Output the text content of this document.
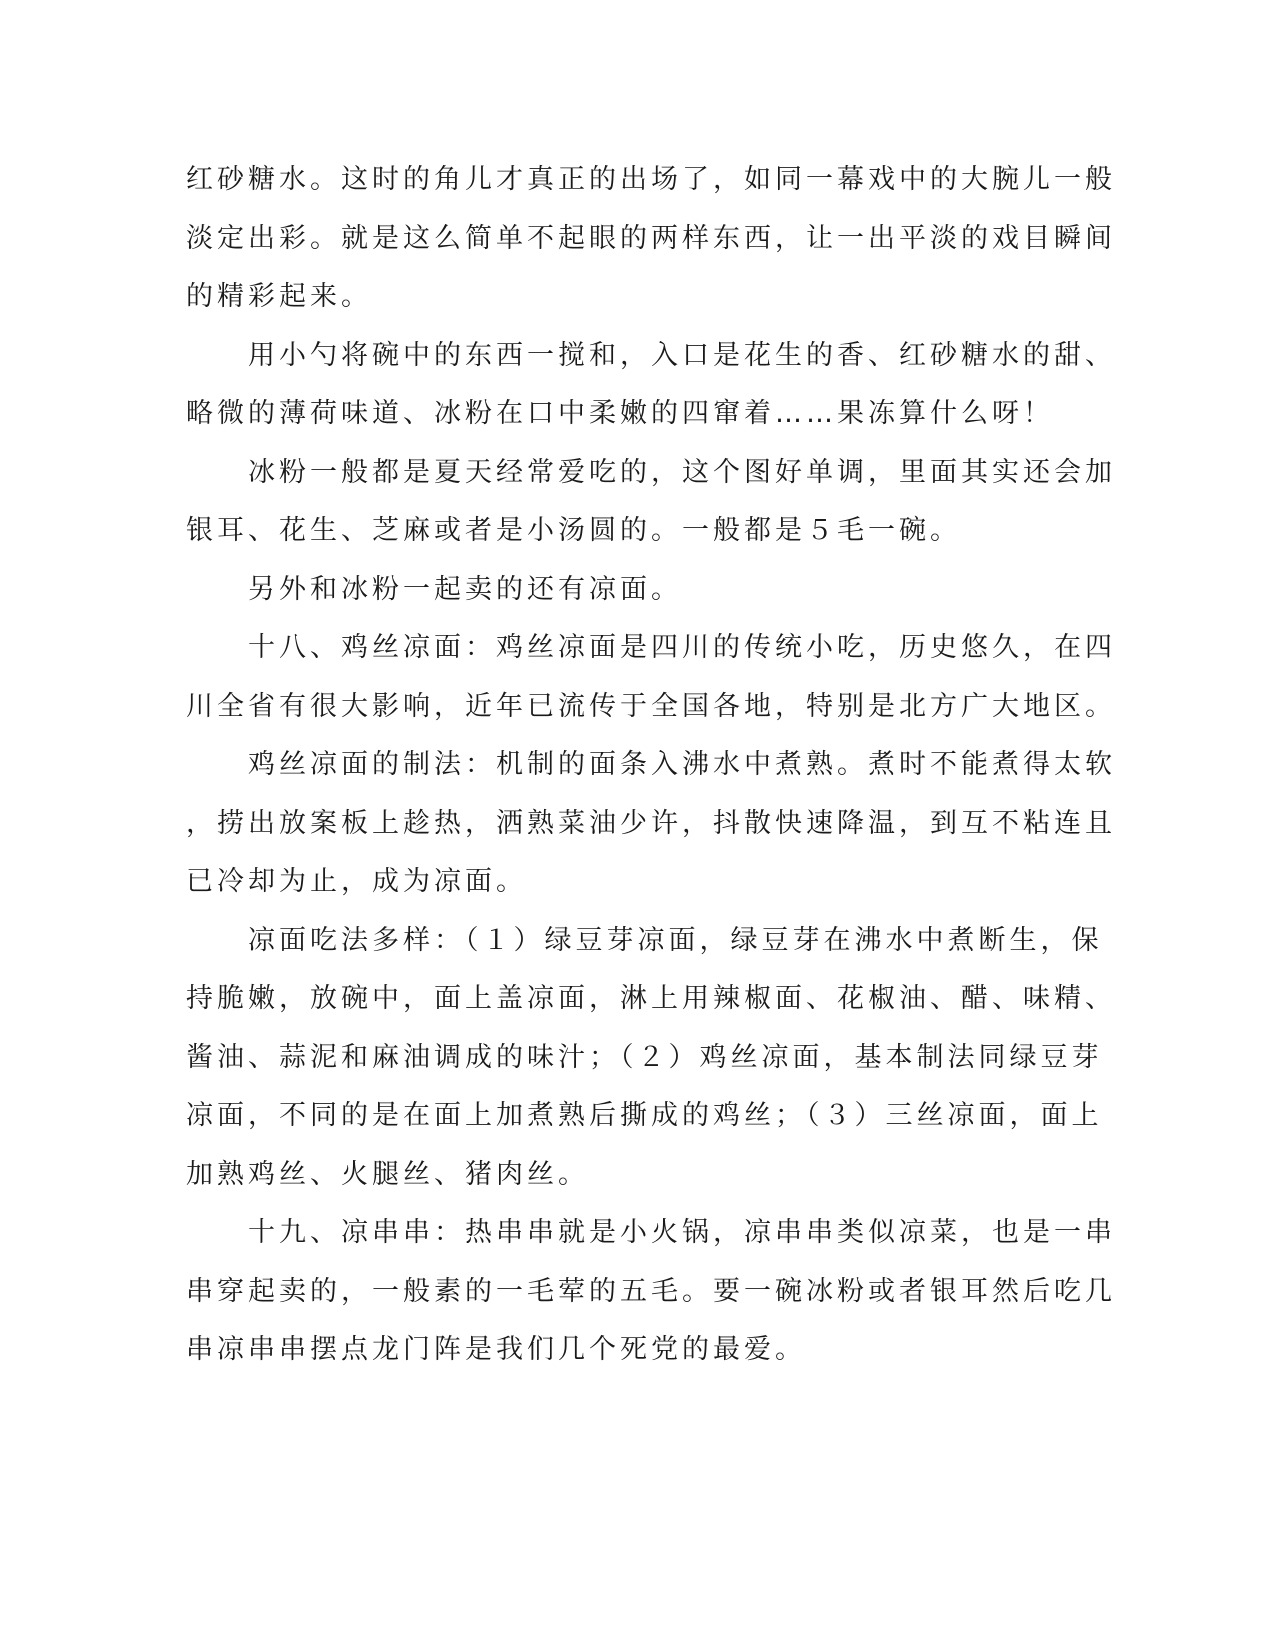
红砂糖水。这时的角儿才真正的出场了，如同一幕戏中的大腕儿一般
淡定出彩。就是这么简单不起眼的两样东西，让一出平淡的戏目瞬间
的精彩起来。
　　用小勺将碗中的东西一搅和，入口是花生的香、红砂糖水的甜、
略微的薄荷味道、冰粉在口中柔嫩的四窜着……果冻算什么呀！
　　冰粉一般都是夏天经常爱吃的，这个图好单调，里面其实还会加
银耳、花生、芝麻或者是小汤圆的。一般都是５毛一碗。
　　另外和冰粉一起卖的还有凉面。
　　十八、鸡丝凉面：鸡丝凉面是四川的传统小吃，历史悠久，在四
川全省有很大影响，近年已流传于全国各地，特别是北方广大地区。
　　鸡丝凉面的制法：机制的面条入沸水中煮熟。煮时不能煮得太软
，捞出放案板上趁热，洒熟菜油少许，抖散快速降温，到互不粘连且
已冷却为止，成为凉面。
　　凉面吃法多样：（１）绿豆芽凉面，绿豆芽在沸水中煮断生，保
持脆嫩，放碗中，面上盖凉面，淋上用辣椒面、花椒油、醋、味精、
酱油、蒜泥和麻油调成的味汁；（２）鸡丝凉面，基本制法同绿豆芽
凉面，不同的是在面上加煮熟后撕成的鸡丝；（３）三丝凉面，面上
加熟鸡丝、火腿丝、猪肉丝。
　　十九、凉串串：热串串就是小火锅，凉串串类似凉菜，也是一串
串穿起卖的，一般素的一毛荤的五毛。要一碗冰粉或者银耳然后吃几
串凉串串摆点龙门阵是我们几个死党的最爱。
